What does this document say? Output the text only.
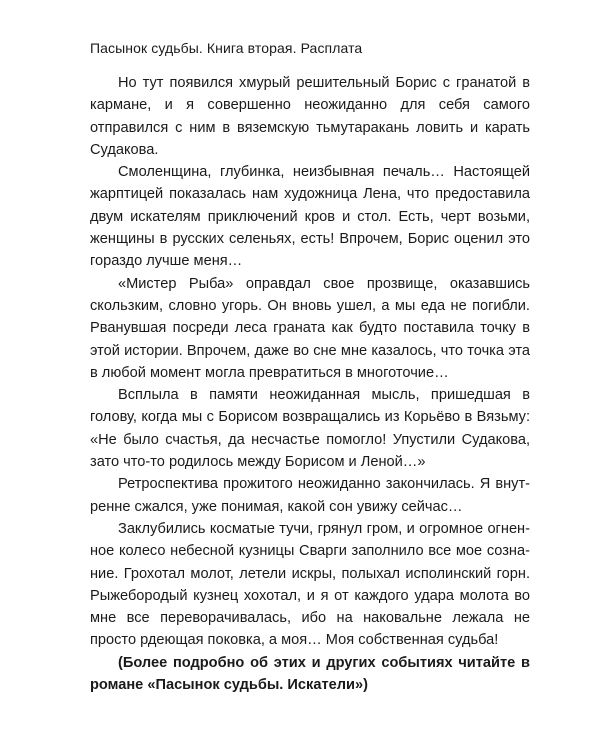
Пасынок судьбы. Книга вторая. Расплата

Но тут появился хмурый решительный Борис с гранатой в кармане, и я совершенно неожиданно для себя самого отправился с ним в вяземскую тьмутаракань ловить и карать Судакова.

Смоленщина, глубинка, неизбывная печаль… Настоящей жарптицей показалась нам художница Лена, что предоставила двум искателям приключений кров и стол. Есть, черт возьми, женщины в русских селеньях, есть! Впрочем, Борис оценил это гораздо лучше меня…

«Мистер Рыба» оправдал свое прозвище, оказавшись скользким, словно угорь. Он вновь ушел, а мы еда не погибли. Рванувшая посреди леса граната как будто поставила точку в этой истории. Впрочем, даже во сне мне казалось, что точка эта в любой момент могла превратиться в многоточие…

Всплыла в памяти неожиданная мысль, пришедшая в голову, когда мы с Борисом возвращались из Корьёво в Вязьму: «Не было счастья, да несчастье помогло! Упустили Судакова, зато что-то родилось между Борисом и Леной…»

Ретроспектива прожитого неожиданно закончилась. Я внутренне сжался, уже понимая, какой сон увижу сейчас…

Заклубились косматые тучи, грянул гром, и огромное огненное колесо небесной кузницы Сварги заполнило все мое сознание. Грохотал молот, летели искры, полыхал исполинский горн. Рыжебородый кузнец хохотал, и я от каждого удара молота во мне все переворачивалась, ибо на наковальне лежала не просто рдеющая поковка, а моя… Моя собственная судьба!

(Более подробно об этих и других событиях читайте в романе «Пасынок судьбы. Искатели»)
